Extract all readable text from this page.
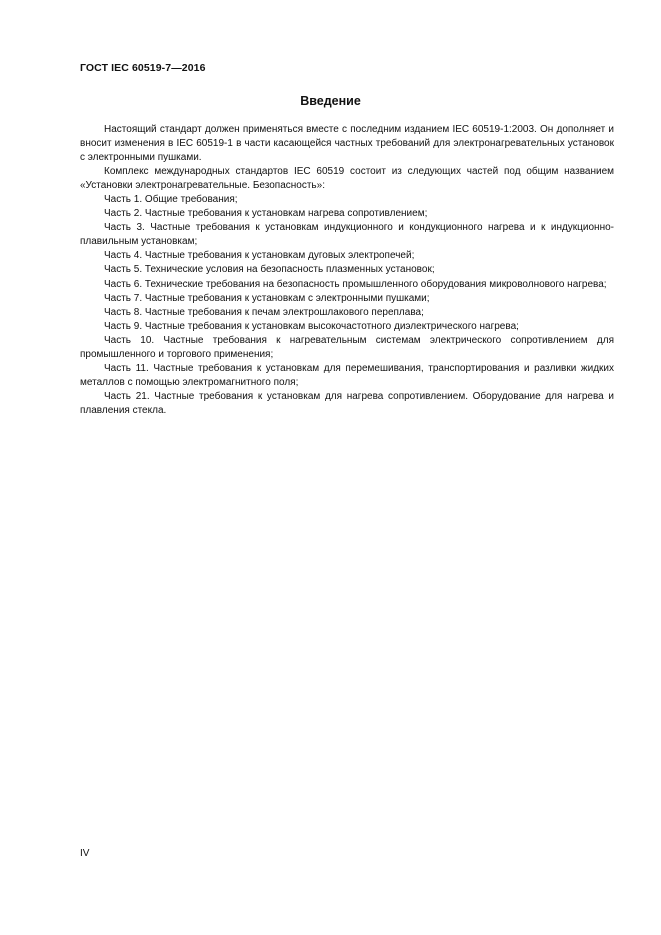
ГОСТ IEC 60519-7—2016
Введение

Настоящий стандарт должен применяться вместе с последним изданием IEC 60519-1:2003. Он дополняет и вносит изменения в IEC 60519-1 в части касающейся частных требований для электронагревательных установок с электронными пушками.

Комплекс международных стандартов IEC 60519 состоит из следующих частей под общим названием «Установки электронагревательные. Безопасность»:

Часть 1. Общие требования;

Часть 2. Частные требования к установкам нагрева сопротивлением;

Часть 3. Частные требования к установкам индукционного и кондукционного нагрева и к индукционно-плавильным установкам;

Часть 4. Частные требования к установкам дуговых электропечей;

Часть 5. Технические условия на безопасность плазменных установок;

Часть 6. Технические требования на безопасность промышленного оборудования микроволнового нагрева;

Часть 7. Частные требования к установкам с электронными пушками;

Часть 8. Частные требования к печам электрошлакового переплава;

Часть 9. Частные требования к установкам высокочастотного диэлектрического нагрева;

Часть 10. Частные требования к нагревательным системам электрического сопротивлением для промышленного и торгового применения;

Часть 11. Частные требования к установкам для перемешивания, транспортирования и разливки жидких металлов с помощью электромагнитного поля;

Часть 21. Частные требования к установкам для нагрева сопротивлением. Оборудование для нагрева и плавления стекла.

IV
